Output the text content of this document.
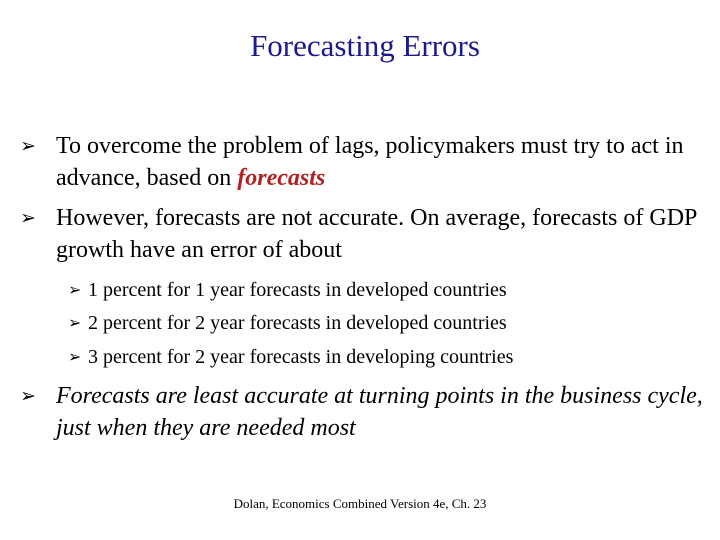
Forecasting Errors
➢ To overcome the problem of lags, policymakers must try to act in advance, based on forecasts
➢ However, forecasts are not accurate. On average, forecasts of GDP growth have an error of about
➢ 1 percent for 1 year forecasts in developed countries
➢ 2 percent for 2 year forecasts in developed countries
➢ 3 percent for 2 year forecasts in developing countries
➢ Forecasts are least accurate at turning points in the business cycle, just when they are needed most
Dolan, Economics Combined Version 4e, Ch. 23
